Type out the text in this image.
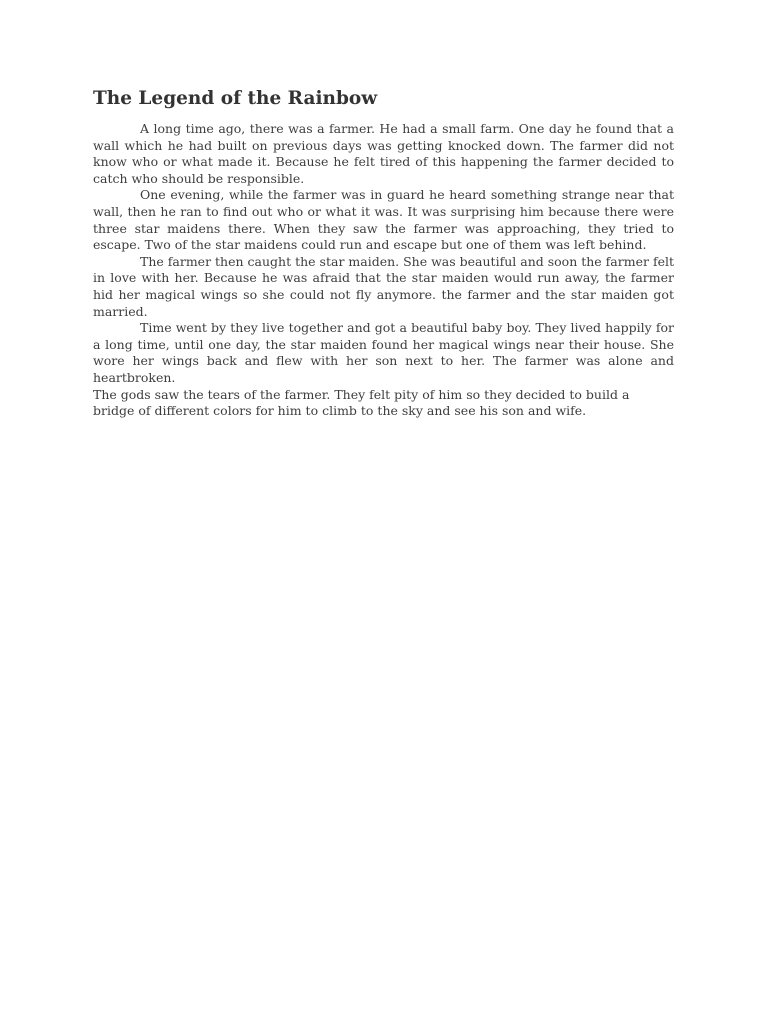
The Legend of the Rainbow

A long time ago, there was a farmer. He had a small farm. One day he found that a wall which he had built on previous days was getting knocked down. The farmer did not know who or what made it. Because he felt tired of this happening the farmer decided to catch who should be responsible.

One evening, while the farmer was in guard he heard something strange near that wall, then he ran to find out who or what it was. It was surprising him because there were three star maidens there. When they saw the farmer was approaching, they tried to escape. Two of the star maidens could run and escape but one of them was left behind.

The farmer then caught the star maiden. She was beautiful and soon the farmer felt in love with her. Because he was afraid that the star maiden would run away, the farmer hid her magical wings so she could not fly anymore. the farmer and the star maiden got married.

Time went by they live together and got a beautiful baby boy. They lived happily for a long time, until one day, the star maiden found her magical wings near their house. She wore her wings back and flew with her son next to her. The farmer was alone and heartbroken.

The gods saw the tears of the farmer. They felt pity of him so they decided to build a bridge of different colors for him to climb to the sky and see his son and wife.
